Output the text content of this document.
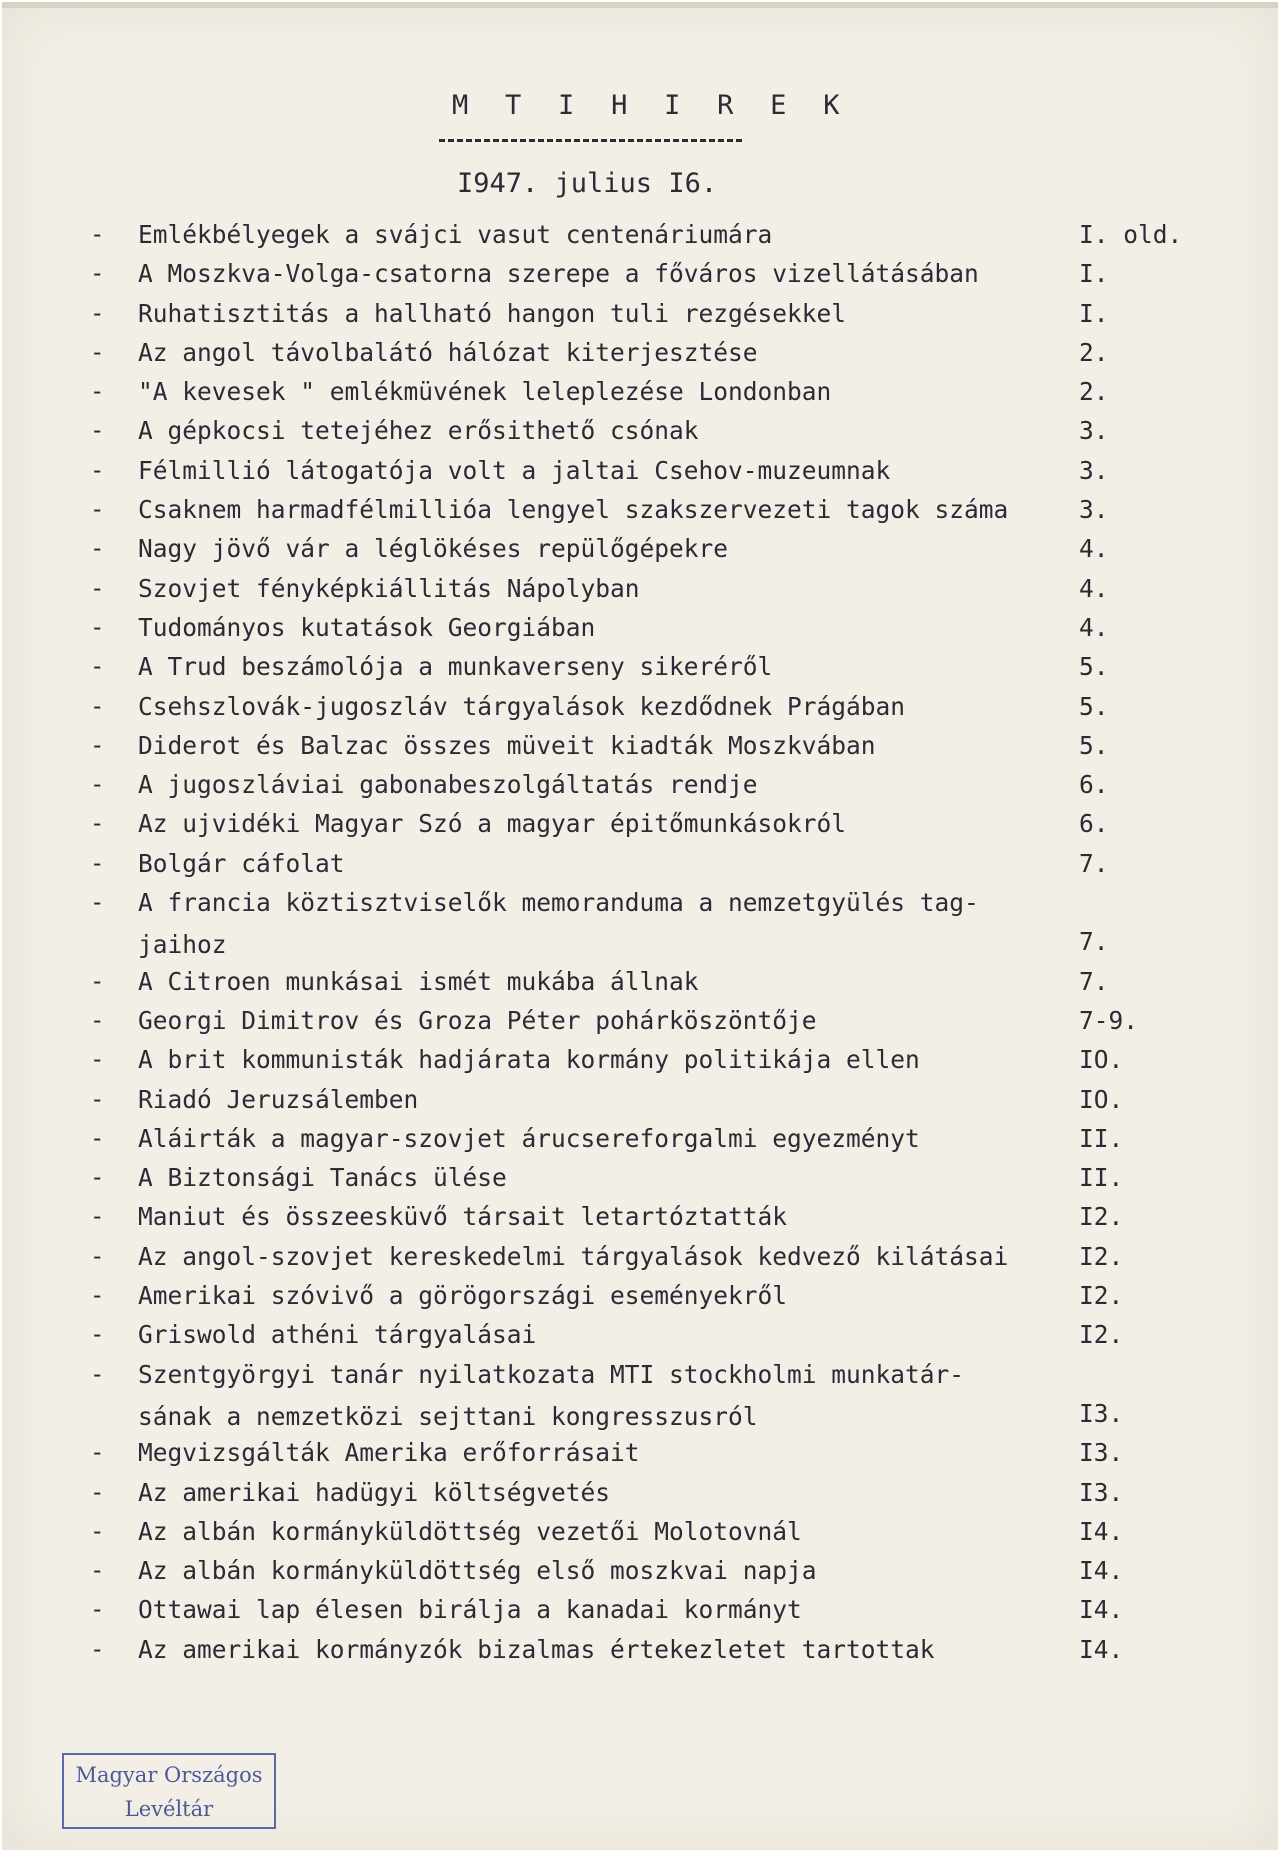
M T I H I R E K
I947. julius I6.
- Emlékbélyegek a svájci vasut centenáriumára	I. old.
- A Moszkva-Volga-csatorna szerepe a főváros vizellátásában	I.
- Ruhatisztitás a hallható hangon tuli rezgésekkel	I.
- Az angol távolbalátó hálózat kiterjesztése	2.
- "A kevesek " emlékmüvének leleplezése Londonban	2.
- A gépkocsi tetejéhez erősithető csónak	3.
- Félmillió látogatója volt a jaltai Csehov-muzeumnak	3.
- Csaknem harmadfélmillióa lengyel szakszervezeti tagok száma	3.
- Nagy jövő vár a léglökéses repülőgépekre	4.
- Szovjet fényképkiállitás Nápolyban	4.
- Tudományos kutatások Georgiában	4.
- A Trud beszámolója a munkaverseny sikeréről	5.
- Csehszlovák-jugoszláv tárgyalások kezdődnek Prágában	5.
- Diderot és Balzac összes müveit kiadták Moszkvában	5.
- A jugoszláviai gabonabeszolgáltatás rendje	6.
- Az ujvidéki Magyar Szó a magyar épitőmunkásokról	6.
- Bolgár cáfolat	7.
- A francia köztisztviselők memoranduma a nemzetgyülés tag-
jaihoz	7.
- A Citroen munkásai ismét mukába állnak	7.
- Georgi Dimitrov és Groza Péter pohárköszöntője	7-9.
- A brit kommunisták hadjárata kormány politikája ellen	IO.
- Riadó Jeruzsálemben	IO.
- Aláirták a magyar-szovjet árucsereforgalmi egyezményt	II.
- A Biztonsági Tanács ülése	II.
- Maniut és összeesküvő társait letartóztatták	I2.
- Az angol-szovjet kereskedelmi tárgyalások kedvező kilátásai	I2.
- Amerikai szóvivő a görögországi eseményekről	I2.
- Griswold athéni tárgyalásai	I2.
- Szentgyörgyi tanár nyilatkozata MTI stockholmi munkatár-
sának a nemzetközi sejttani kongresszusról	I3.
- Megvizsgálták Amerika erőforrásait	I3.
- Az amerikai hadügyi költségvetés	I3.
- Az albán kormányküldöttség vezetői Molotovnál	I4.
- Az albán kormányküldöttség első moszkvai napja	I4.
- Ottawai lap élesen birálja a kanadai kormányt	I4.
- Az amerikai kormányzók bizalmas értekezletet tartottak	I4.
Magyar Országos
Levéltár
